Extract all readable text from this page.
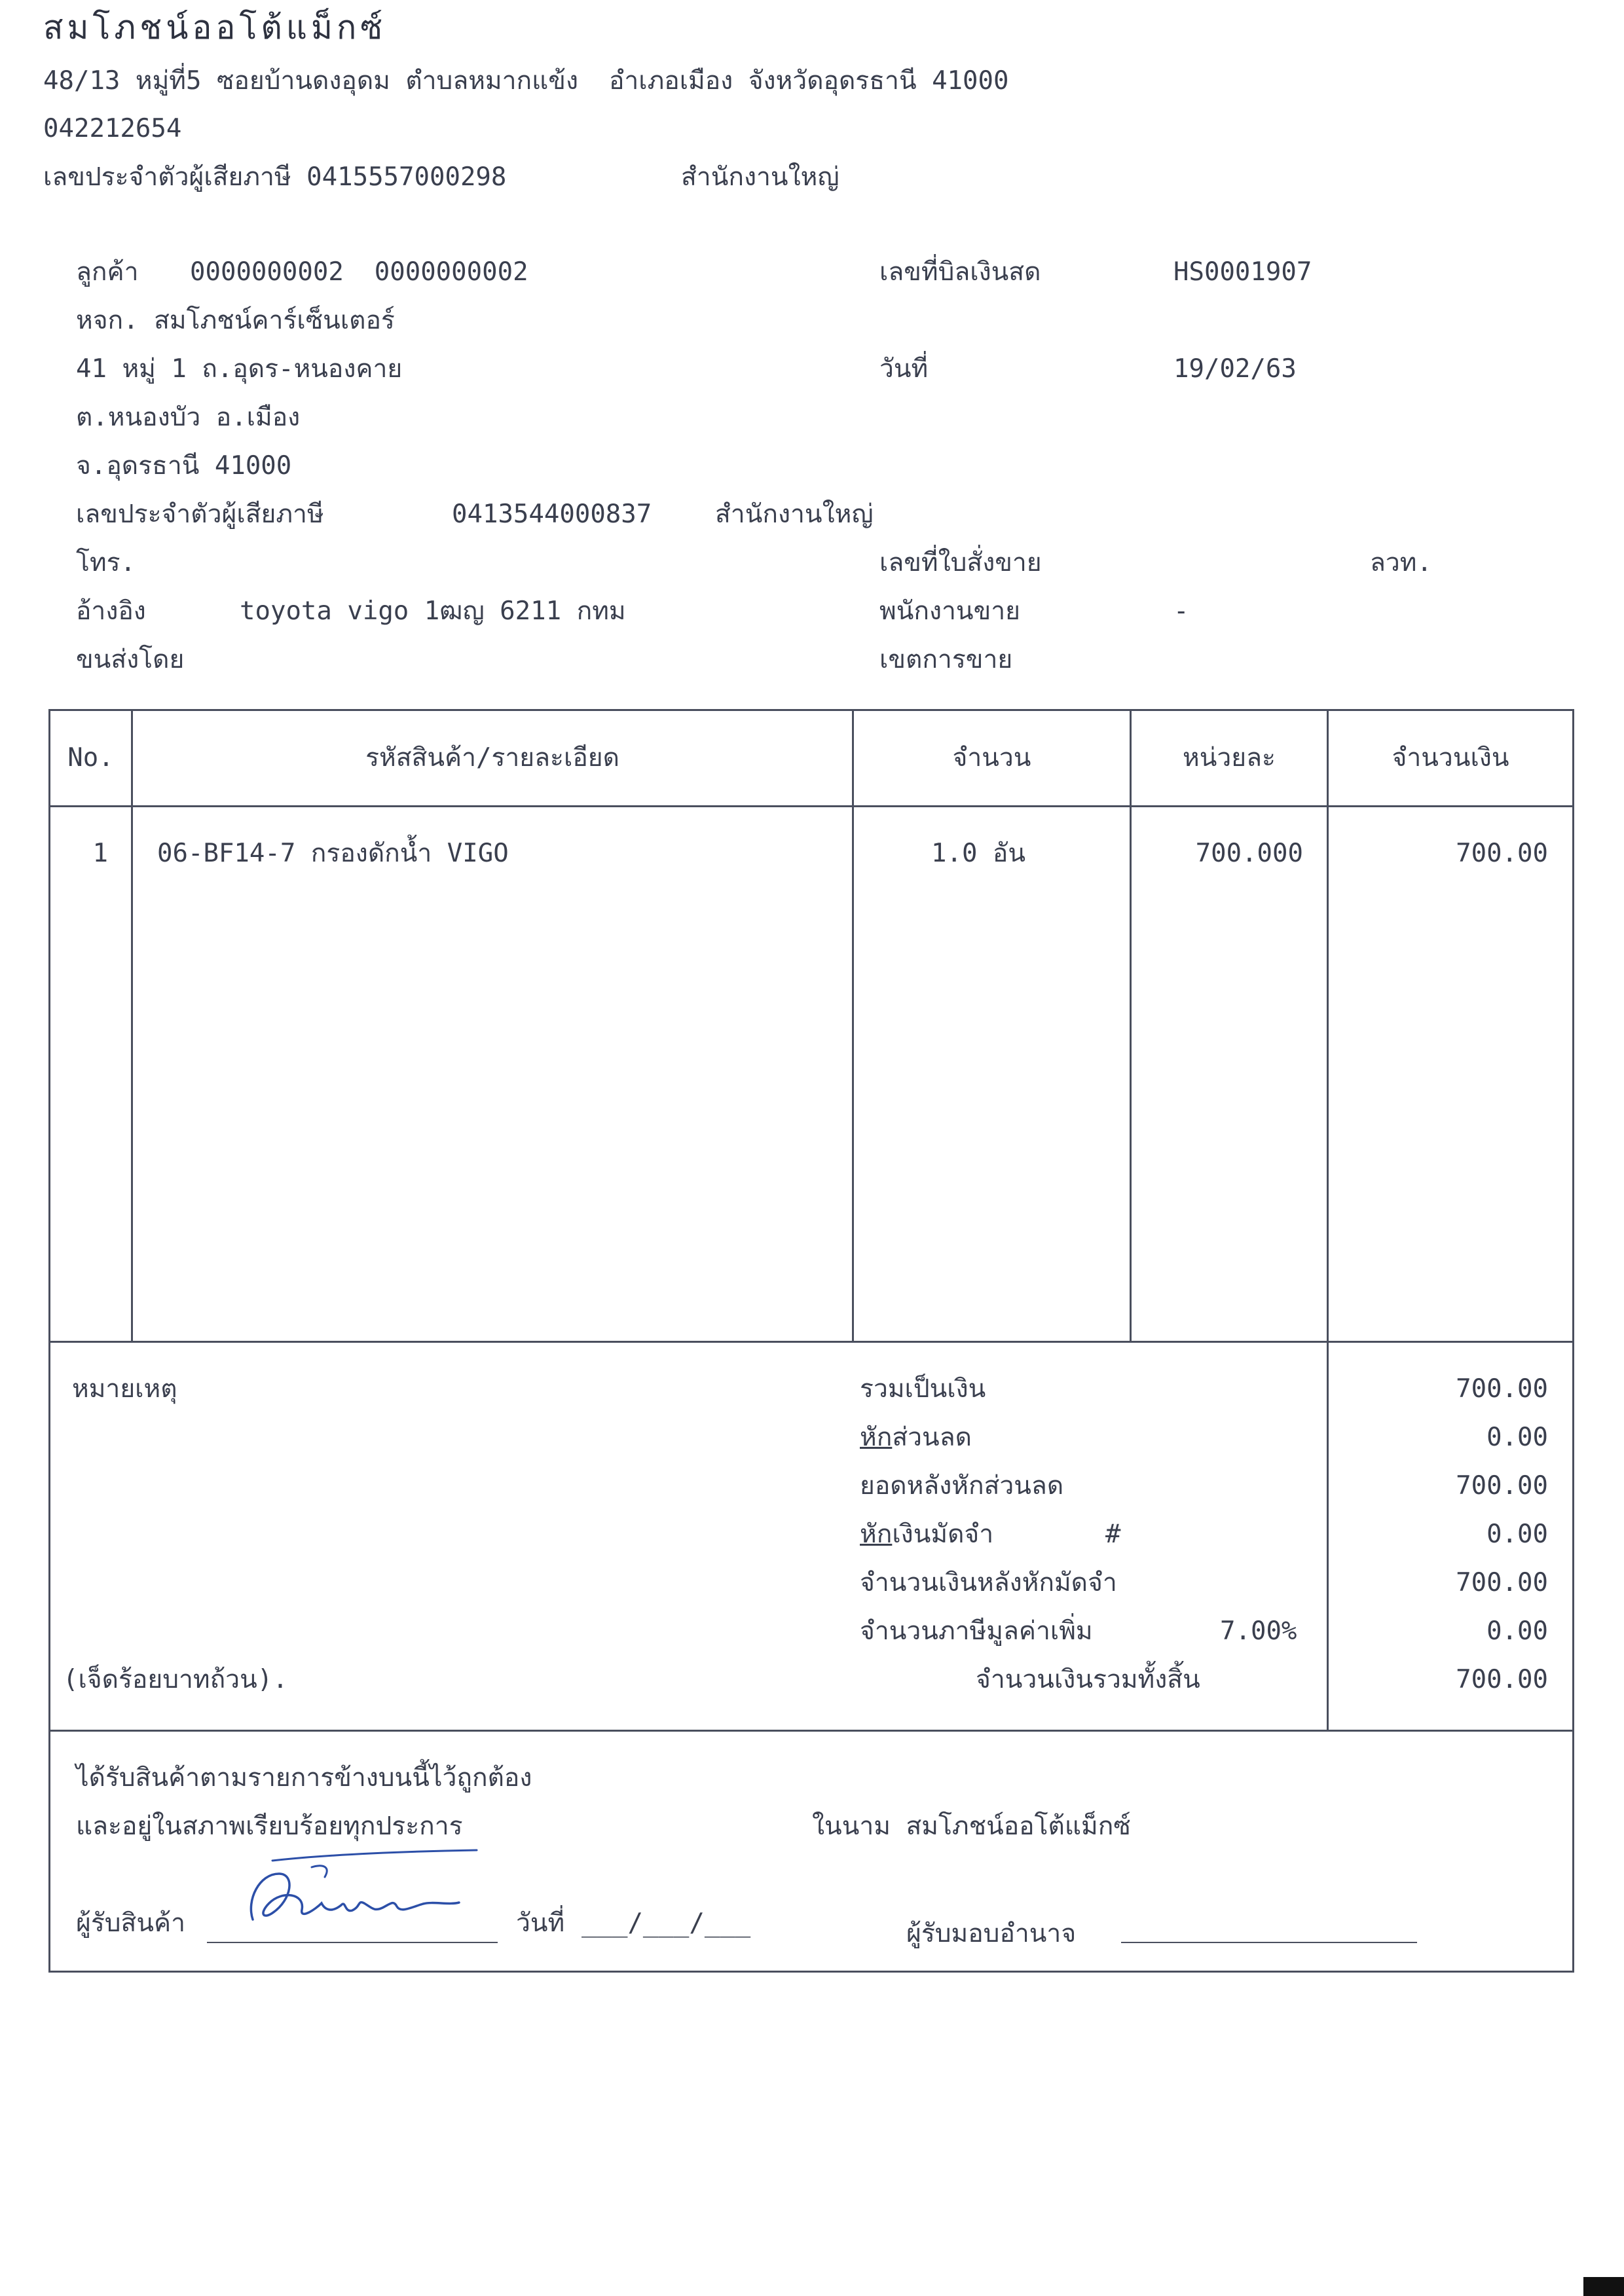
สมโภชน์ออโต้แม็กซ์
48/13 หมู่ที่5 ซอยบ้านดงอุดม ตำบลหมากแข้ง  อำเภอเมือง จังหวัดอุดรธานี 41000
042212654
เลขประจำตัวผู้เสียภาษี 0415557000298	สำนักงานใหญ่
ลูกค้า 0000000002  0000000002
หจก. สมโภชน์คาร์เซ็นเตอร์
41 หมู่ 1 ถ.อุดร-หนองคาย
ต.หนองบัว อ.เมือง
จ.อุดรธานี 41000
เลขประจำตัวผู้เสียภาษี	0413544000837 สำนักงานใหญ่
โทร.
อ้างอิง	toyota vigo 1ฒญ 6211 กทม
ขนส่งโดย
เลขที่บิลเงินสด	HS0001907
วันที่	19/02/63
เลขที่ใบสั่งขาย	ลวท.
พนักงานขาย	-
เขตการขาย
No.	รหัสสินค้า/รายละเอียด	จำนวน	หน่วยละ	จำนวนเงิน
1 06-BF14-7 กรองดักน้ำ VIGO	1.0 อัน	700.000	700.00
หมายเหตุ
(เจ็ดร้อยบาทถ้วน).
รวมเป็นเงิน	700.00
หักส่วนลด	0.00
ยอดหลังหักส่วนลด	700.00
หักเงินมัดจำ	#	0.00
จำนวนเงินหลังหักมัดจำ	700.00
จำนวนภาษีมูลค่าเพิ่ม	7.00%	0.00
จำนวนเงินรวมทั้งสิ้น	700.00
ได้รับสินค้าตามรายการข้างบนนี้ไว้ถูกต้อง
และอยู่ในสภาพเรียบร้อยทุกประการ	ในนาม สมโภชน์ออโต้แม็กซ์
ผู้รับสินค้า	วันที่ ___/___/___	ผู้รับมอบอำนาจ
